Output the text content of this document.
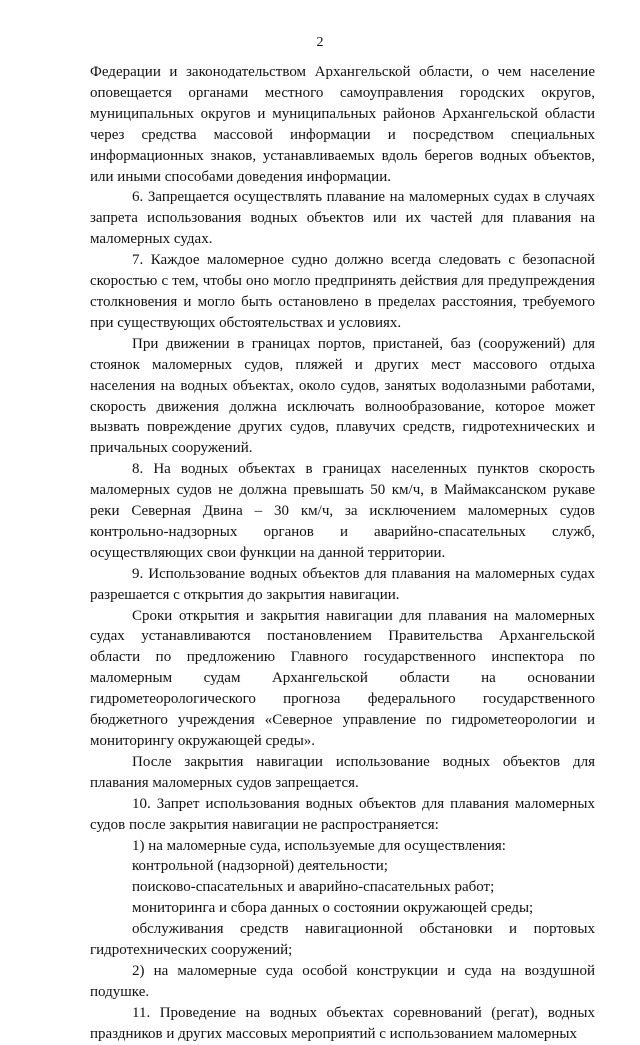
2

Федерации и законодательством Архангельской области, о чем население оповещается органами местного самоуправления городских округов, муниципальных округов и муниципальных районов Архангельской области через средства массовой информации и посредством специальных информационных знаков, устанавливаемых вдоль берегов водных объектов, или иными способами доведения информации.

6. Запрещается осуществлять плавание на маломерных судах в случаях запрета использования водных объектов или их частей для плавания на маломерных судах.

7. Каждое маломерное судно должно всегда следовать с безопасной скоростью с тем, чтобы оно могло предпринять действия для предупреждения столкновения и могло быть остановлено в пределах расстояния, требуемого при существующих обстоятельствах и условиях.

При движении в границах портов, пристаней, баз (сооружений) для стоянок маломерных судов, пляжей и других мест массового отдыха населения на водных объектах, около судов, занятых водолазными работами, скорость движения должна исключать волнообразование, которое может вызвать повреждение других судов, плавучих средств, гидротехнических и причальных сооружений.

8. На водных объектах в границах населенных пунктов скорость маломерных судов не должна превышать 50 км/ч, в Маймаксанском рукаве реки Северная Двина – 30 км/ч, за исключением маломерных судов контрольно-надзорных органов и аварийно-спасательных служб, осуществляющих свои функции на данной территории.

9. Использование водных объектов для плавания на маломерных судах разрешается с открытия до закрытия навигации.

Сроки открытия и закрытия навигации для плавания на маломерных судах устанавливаются постановлением Правительства Архангельской области по предложению Главного государственного инспектора по маломерным судам Архангельской области на основании гидрометеорологического прогноза федерального государственного бюджетного учреждения «Северное управление по гидрометеорологии и мониторингу окружающей среды».

После закрытия навигации использование водных объектов для плавания маломерных судов запрещается.

10. Запрет использования водных объектов для плавания маломерных судов после закрытия навигации не распространяется:

1) на маломерные суда, используемые для осуществления:

контрольной (надзорной) деятельности;

поисково-спасательных и аварийно-спасательных работ;

мониторинга и сбора данных о состоянии окружающей среды;

обслуживания средств навигационной обстановки и портовых гидротехнических сооружений;

2) на маломерные суда особой конструкции и суда на воздушной подушке.

11. Проведение на водных объектах соревнований (регат), водных праздников и других массовых мероприятий с использованием маломерных
